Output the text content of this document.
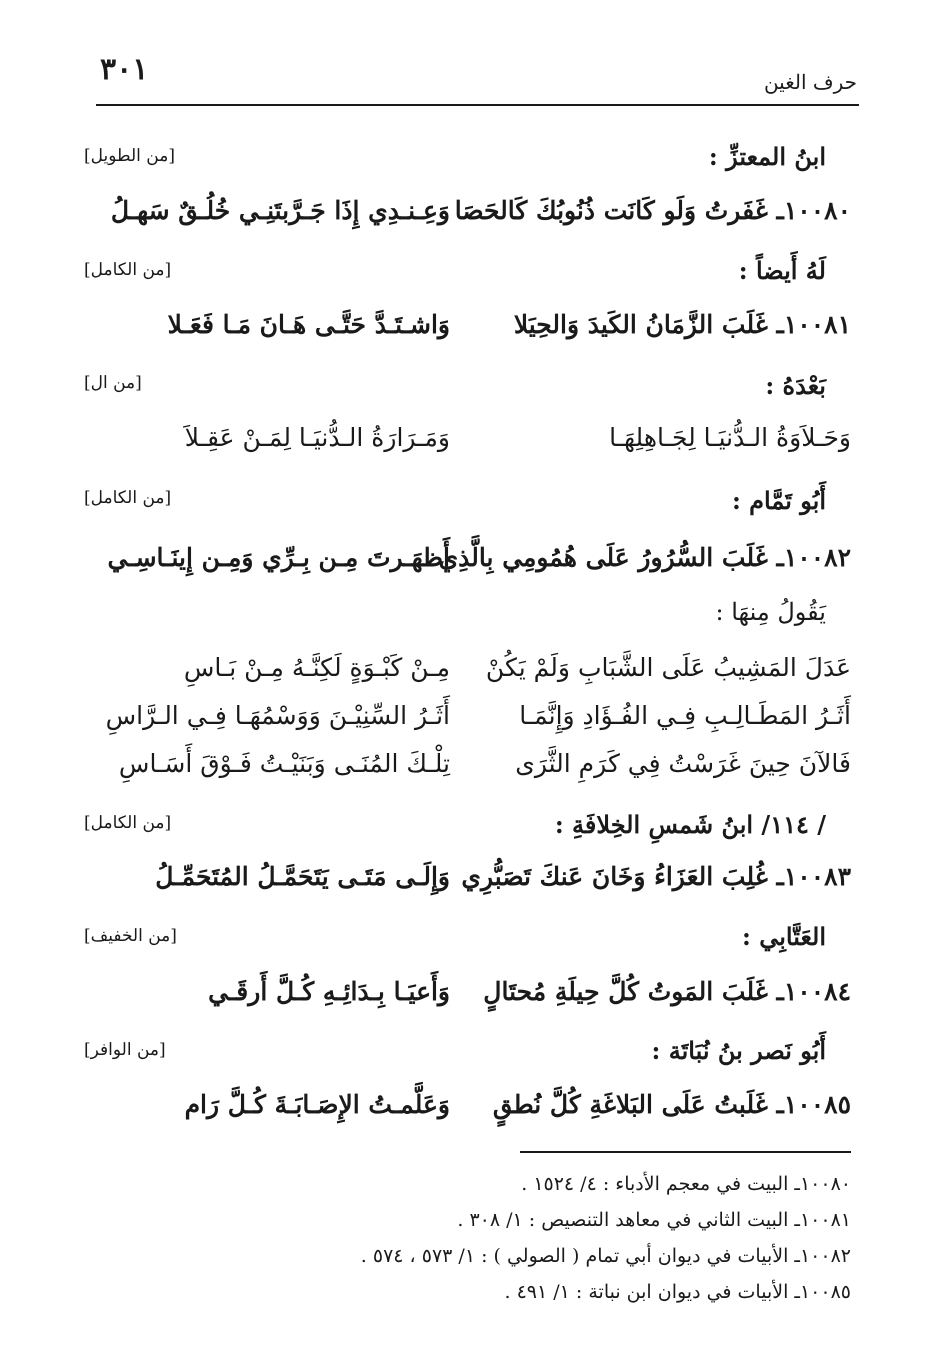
٣٠١	حرف الغين
ابنُ المعتزِّ :
[من الطويل]
١٠٠٨٠ـ غَفَرتُ وَلَو كَانَت ذُنُوبُكَ كَالحَصَا
وَعِـنـدِي إِذَا جَـرَّبتَنِـي خُلُـقٌ سَهـلُ
لَهُ أَيضاً :
[من الكامل]
١٠٠٨١ـ غَلَبَ الزَّمَانُ الكَيدَ وَالحِيَلا
وَاشـتَـدَّ حَتَّـى هَـانَ مَـا فَعَـلا
بَعْدَهُ :
[من ال]
وَحَـلاَوَةُ الـدُّنيَـا لِجَـاهِلِهَـا
وَمَـرَارَةُ الـدُّنيَـا لِمَـنْ عَقِـلاَ
أَبُو تَمَّام :
[من الكامل]
١٠٠٨٢ـ غَلَبَ السُّرُورُ عَلَى هُمُومِي بِالَّذِي
أَظهَـرتَ مِـن بِـرِّي وَمِـن إِينَـاسِـي
يَقُولُ مِنهَا :
عَدَلَ المَشِيبُ عَلَى الشَّبَابِ وَلَمْ يَكُنْ
مِـنْ كَبْـوَةٍ لَكِنَّـهُ مِـنْ بَـاسِ
أَثَـرُ المَطَـالِـبِ فِـي الفُـؤَادِ وَإِنَّمَـا
أَثَـرُ السِّنِيْـنَ وَوَسْمُهَـا فِـي الـرَّاسِ
فَالآنَ حِينَ غَرَسْتُ فِي كَرَمِ الثَّرَى
تِلْـكَ المُنَـى وَبَنَيْـتُ فَـوْقَ أَسَـاسِ
/ ١١٤/ ابنُ شَمسِ الخِلافَةِ :
[من الكامل]
١٠٠٨٣ـ غُلِبَ العَزَاءُ وَخَانَ عَنكَ تَصَبُّرِي
وَإِلَـى مَتَـى يَتَحَمَّـلُ المُتَحَمِّـلُ
العَتَّابِي :
[من الخفيف]
١٠٠٨٤ـ غَلَبَ المَوتُ كُلَّ حِيلَةِ مُحتَالٍ
وَأَعيَـا بِـدَائِـهِ كُـلَّ أَرقَـي
أَبُو نَصر بنُ نُبَاتَة :
[من الوافر]
١٠٠٨٥ـ غَلَبتُ عَلَى البَلاغَةِ كُلَّ نُطقٍ
وَعَلَّمـتُ الإِصَـابَـةَ كُـلَّ رَام
١٠٠٨٠ـ البيت في معجم الأدباء : ٤/ ١٥٢٤ .
١٠٠٨١ـ البيت الثاني في معاهد التنصيص : ١/ ٣٠٨ .
١٠٠٨٢ـ الأبيات في ديوان أبي تمام ( الصولي ) : ١/ ٥٧٣ ، ٥٧٤ .
١٠٠٨٥ـ الأبيات في ديوان ابن نباتة : ١/ ٤٩١ .
